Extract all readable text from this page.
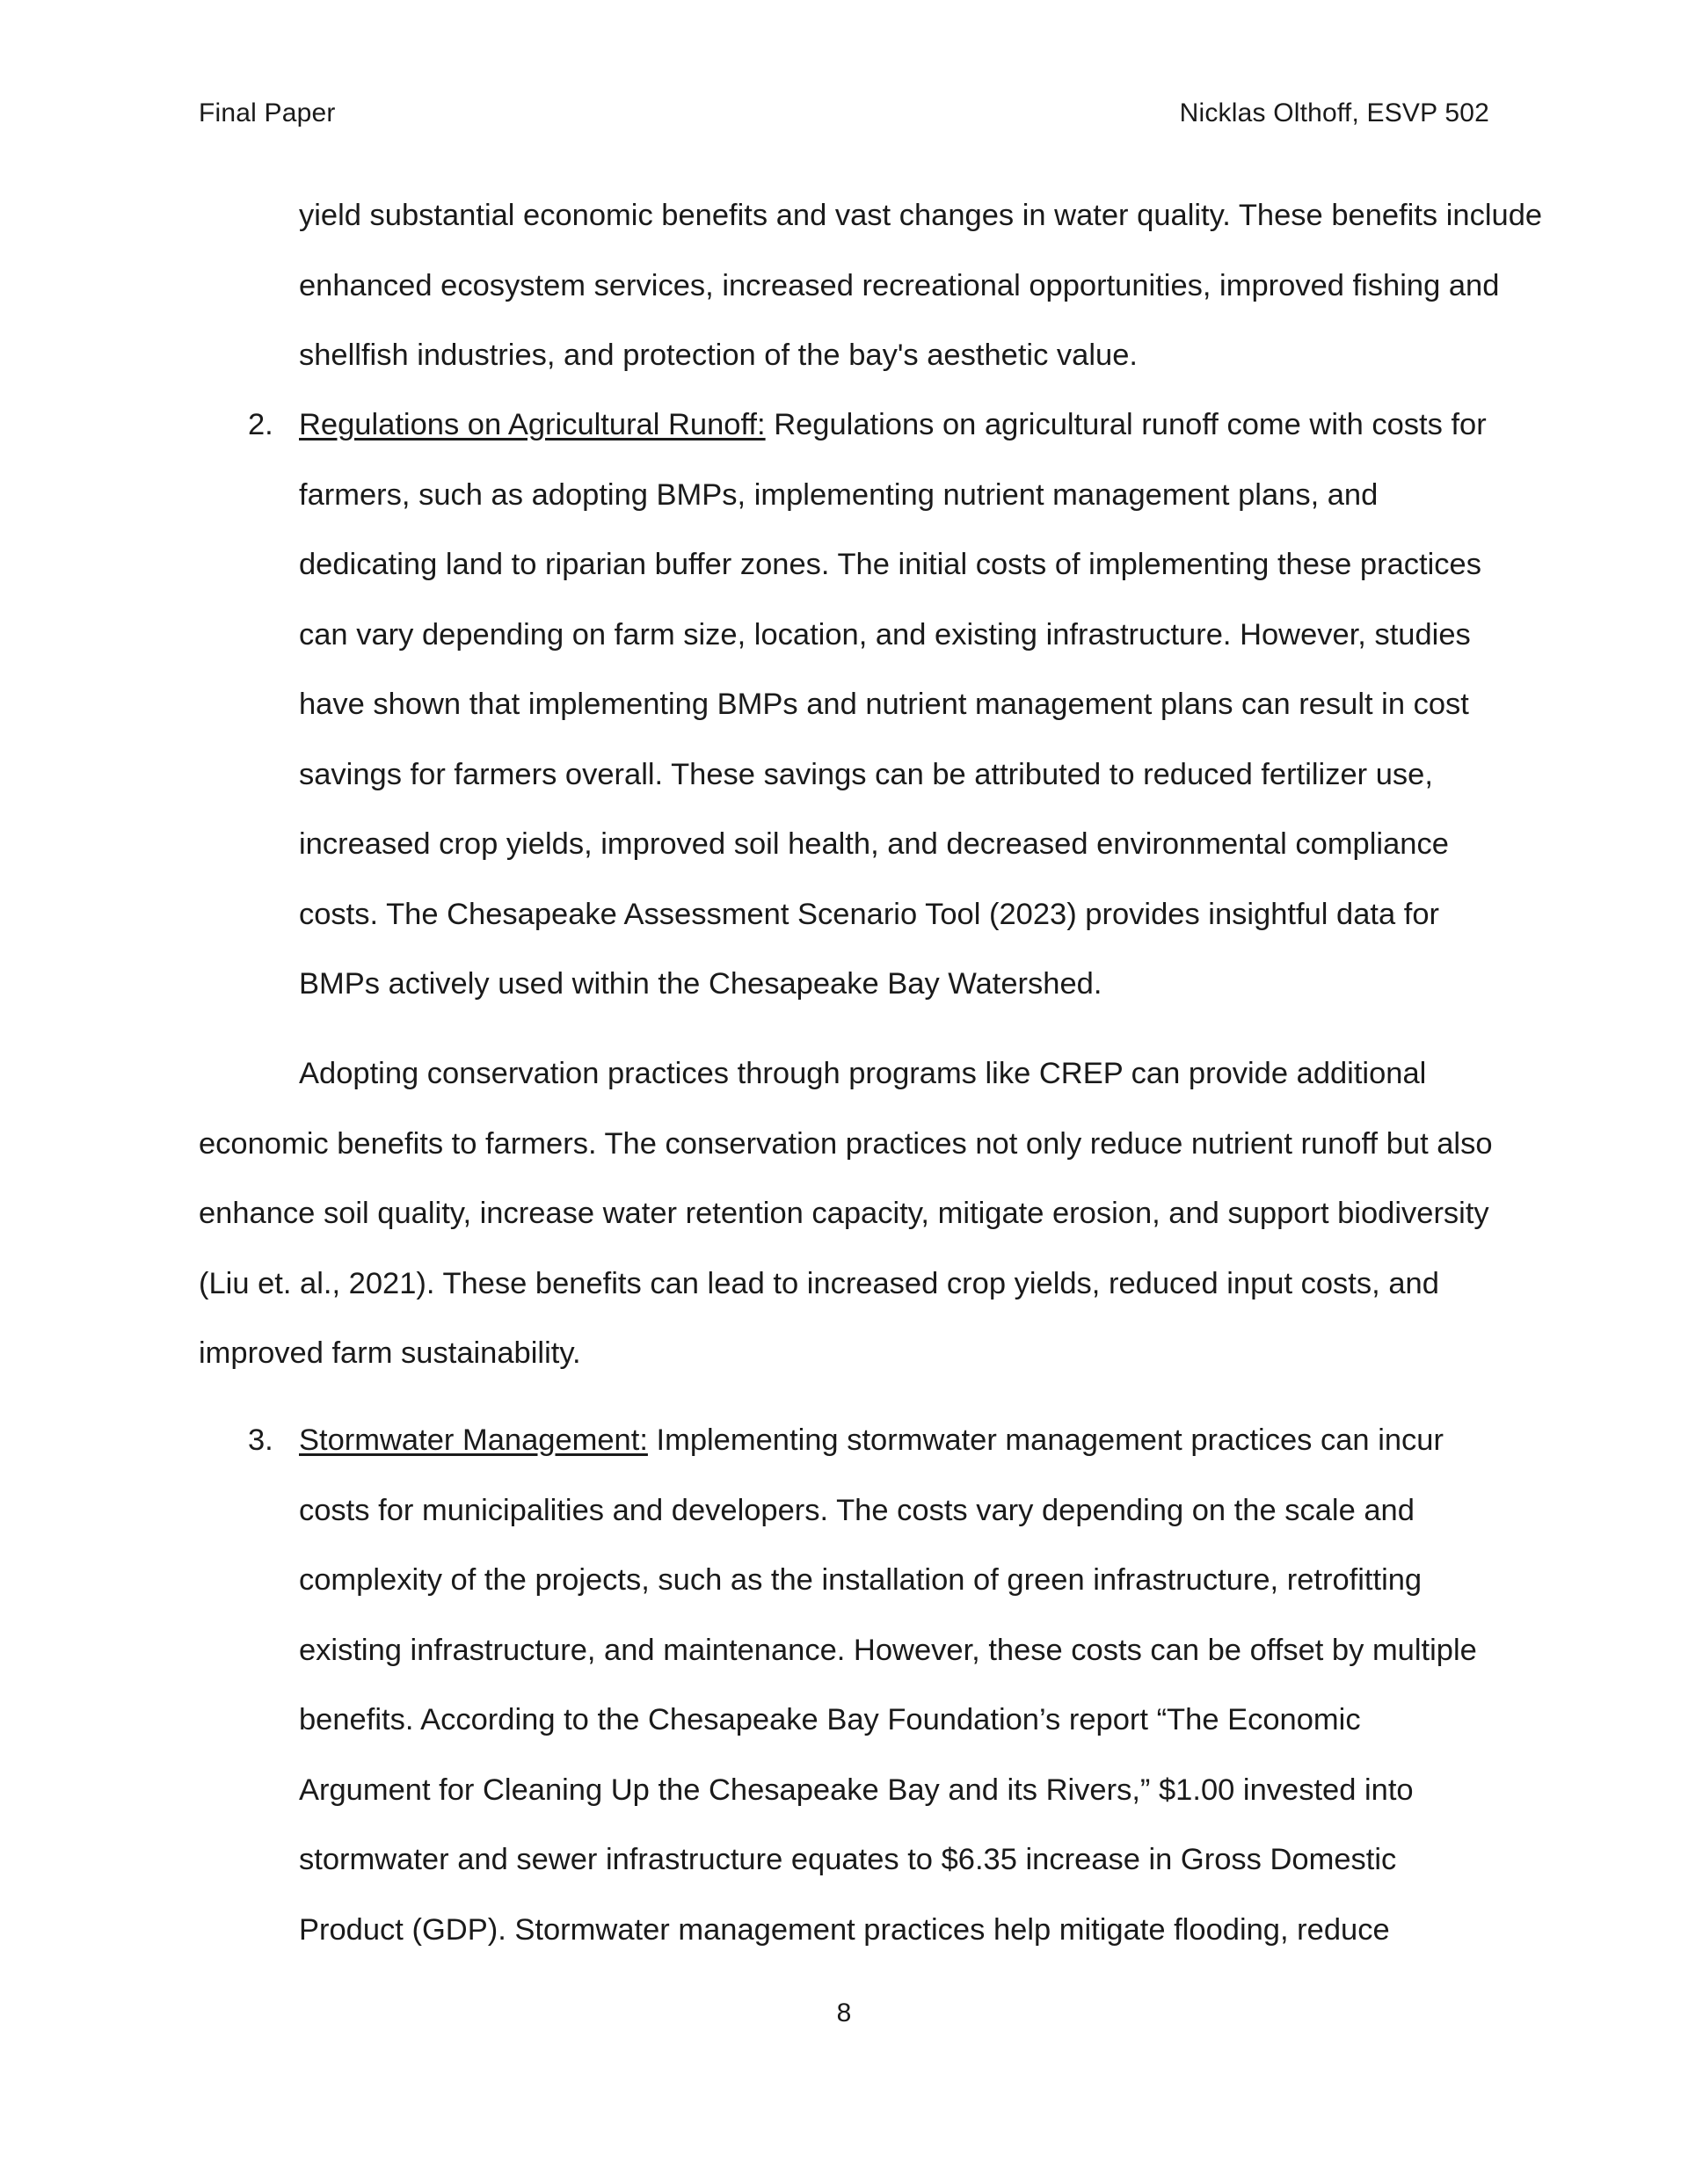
Final Paper	Nicklas Olthoff, ESVP 502
yield substantial economic benefits and vast changes in water quality. These benefits include enhanced ecosystem services, increased recreational opportunities, improved fishing and shellfish industries, and protection of the bay's aesthetic value.
2. Regulations on Agricultural Runoff: Regulations on agricultural runoff come with costs for farmers, such as adopting BMPs, implementing nutrient management plans, and dedicating land to riparian buffer zones. The initial costs of implementing these practices can vary depending on farm size, location, and existing infrastructure. However, studies have shown that implementing BMPs and nutrient management plans can result in cost savings for farmers overall. These savings can be attributed to reduced fertilizer use, increased crop yields, improved soil health, and decreased environmental compliance costs. The Chesapeake Assessment Scenario Tool (2023) provides insightful data for BMPs actively used within the Chesapeake Bay Watershed.

Adopting conservation practices through programs like CREP can provide additional economic benefits to farmers. The conservation practices not only reduce nutrient runoff but also enhance soil quality, increase water retention capacity, mitigate erosion, and support biodiversity (Liu et. al., 2021). These benefits can lead to increased crop yields, reduced input costs, and improved farm sustainability.

3. Stormwater Management: Implementing stormwater management practices can incur costs for municipalities and developers. The costs vary depending on the scale and complexity of the projects, such as the installation of green infrastructure, retrofitting existing infrastructure, and maintenance. However, these costs can be offset by multiple benefits. According to the Chesapeake Bay Foundation’s report “The Economic Argument for Cleaning Up the Chesapeake Bay and its Rivers,” $1.00 invested into stormwater and sewer infrastructure equates to $6.35 increase in Gross Domestic Product (GDP). Stormwater management practices help mitigate flooding, reduce
8
